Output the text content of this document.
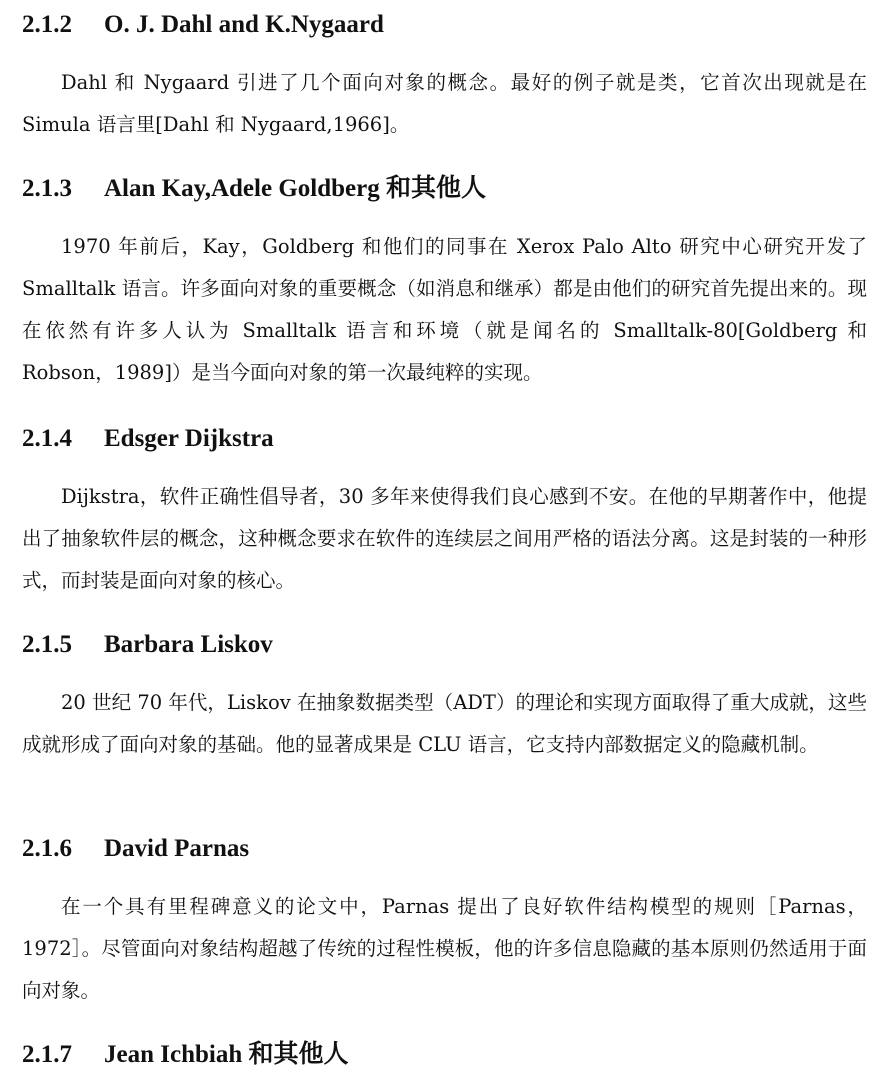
2.1.2	O. J. Dahl and K.Nygaard

Dahl 和 Nygaard 引进了几个面向对象的概念。最好的例子就是类，它首次出现就是在 Simula 语言里[Dahl 和 Nygaard,1966]。

2.1.3	Alan Kay,Adele Goldberg 和其他人

1970 年前后，Kay，Goldberg 和他们的同事在 Xerox Palo Alto 研究中心研究开发了 Smalltalk 语言。许多面向对象的重要概念（如消息和继承）都是由他们的研究首先提出来的。现在依然有许多人认为 Smalltalk 语言和环境（就是闻名的 Smalltalk-80[Goldberg 和 Robson，1989]）是当今面向对象的第一次最纯粹的实现。

2.1.4	Edsger Dijkstra

Dijkstra，软件正确性倡导者，30 多年来使得我们良心感到不安。在他的早期著作中，他提出了抽象软件层的概念，这种概念要求在软件的连续层之间用严格的语法分离。这是封装的一种形式，而封装是面向对象的核心。

2.1.5	Barbara Liskov

20 世纪 70 年代，Liskov 在抽象数据类型（ADT）的理论和实现方面取得了重大成就，这些成就形成了面向对象的基础。他的显著成果是 CLU 语言，它支持内部数据定义的隐藏机制。

2.1.6	David Parnas

在一个具有里程碑意义的论文中，Parnas 提出了良好软件结构模型的规则［Parnas，1972］。尽管面向对象结构超越了传统的过程性模板，他的许多信息隐藏的基本原则仍然适用于面向对象。

2.1.7	Jean Ichbiah 和其他人
